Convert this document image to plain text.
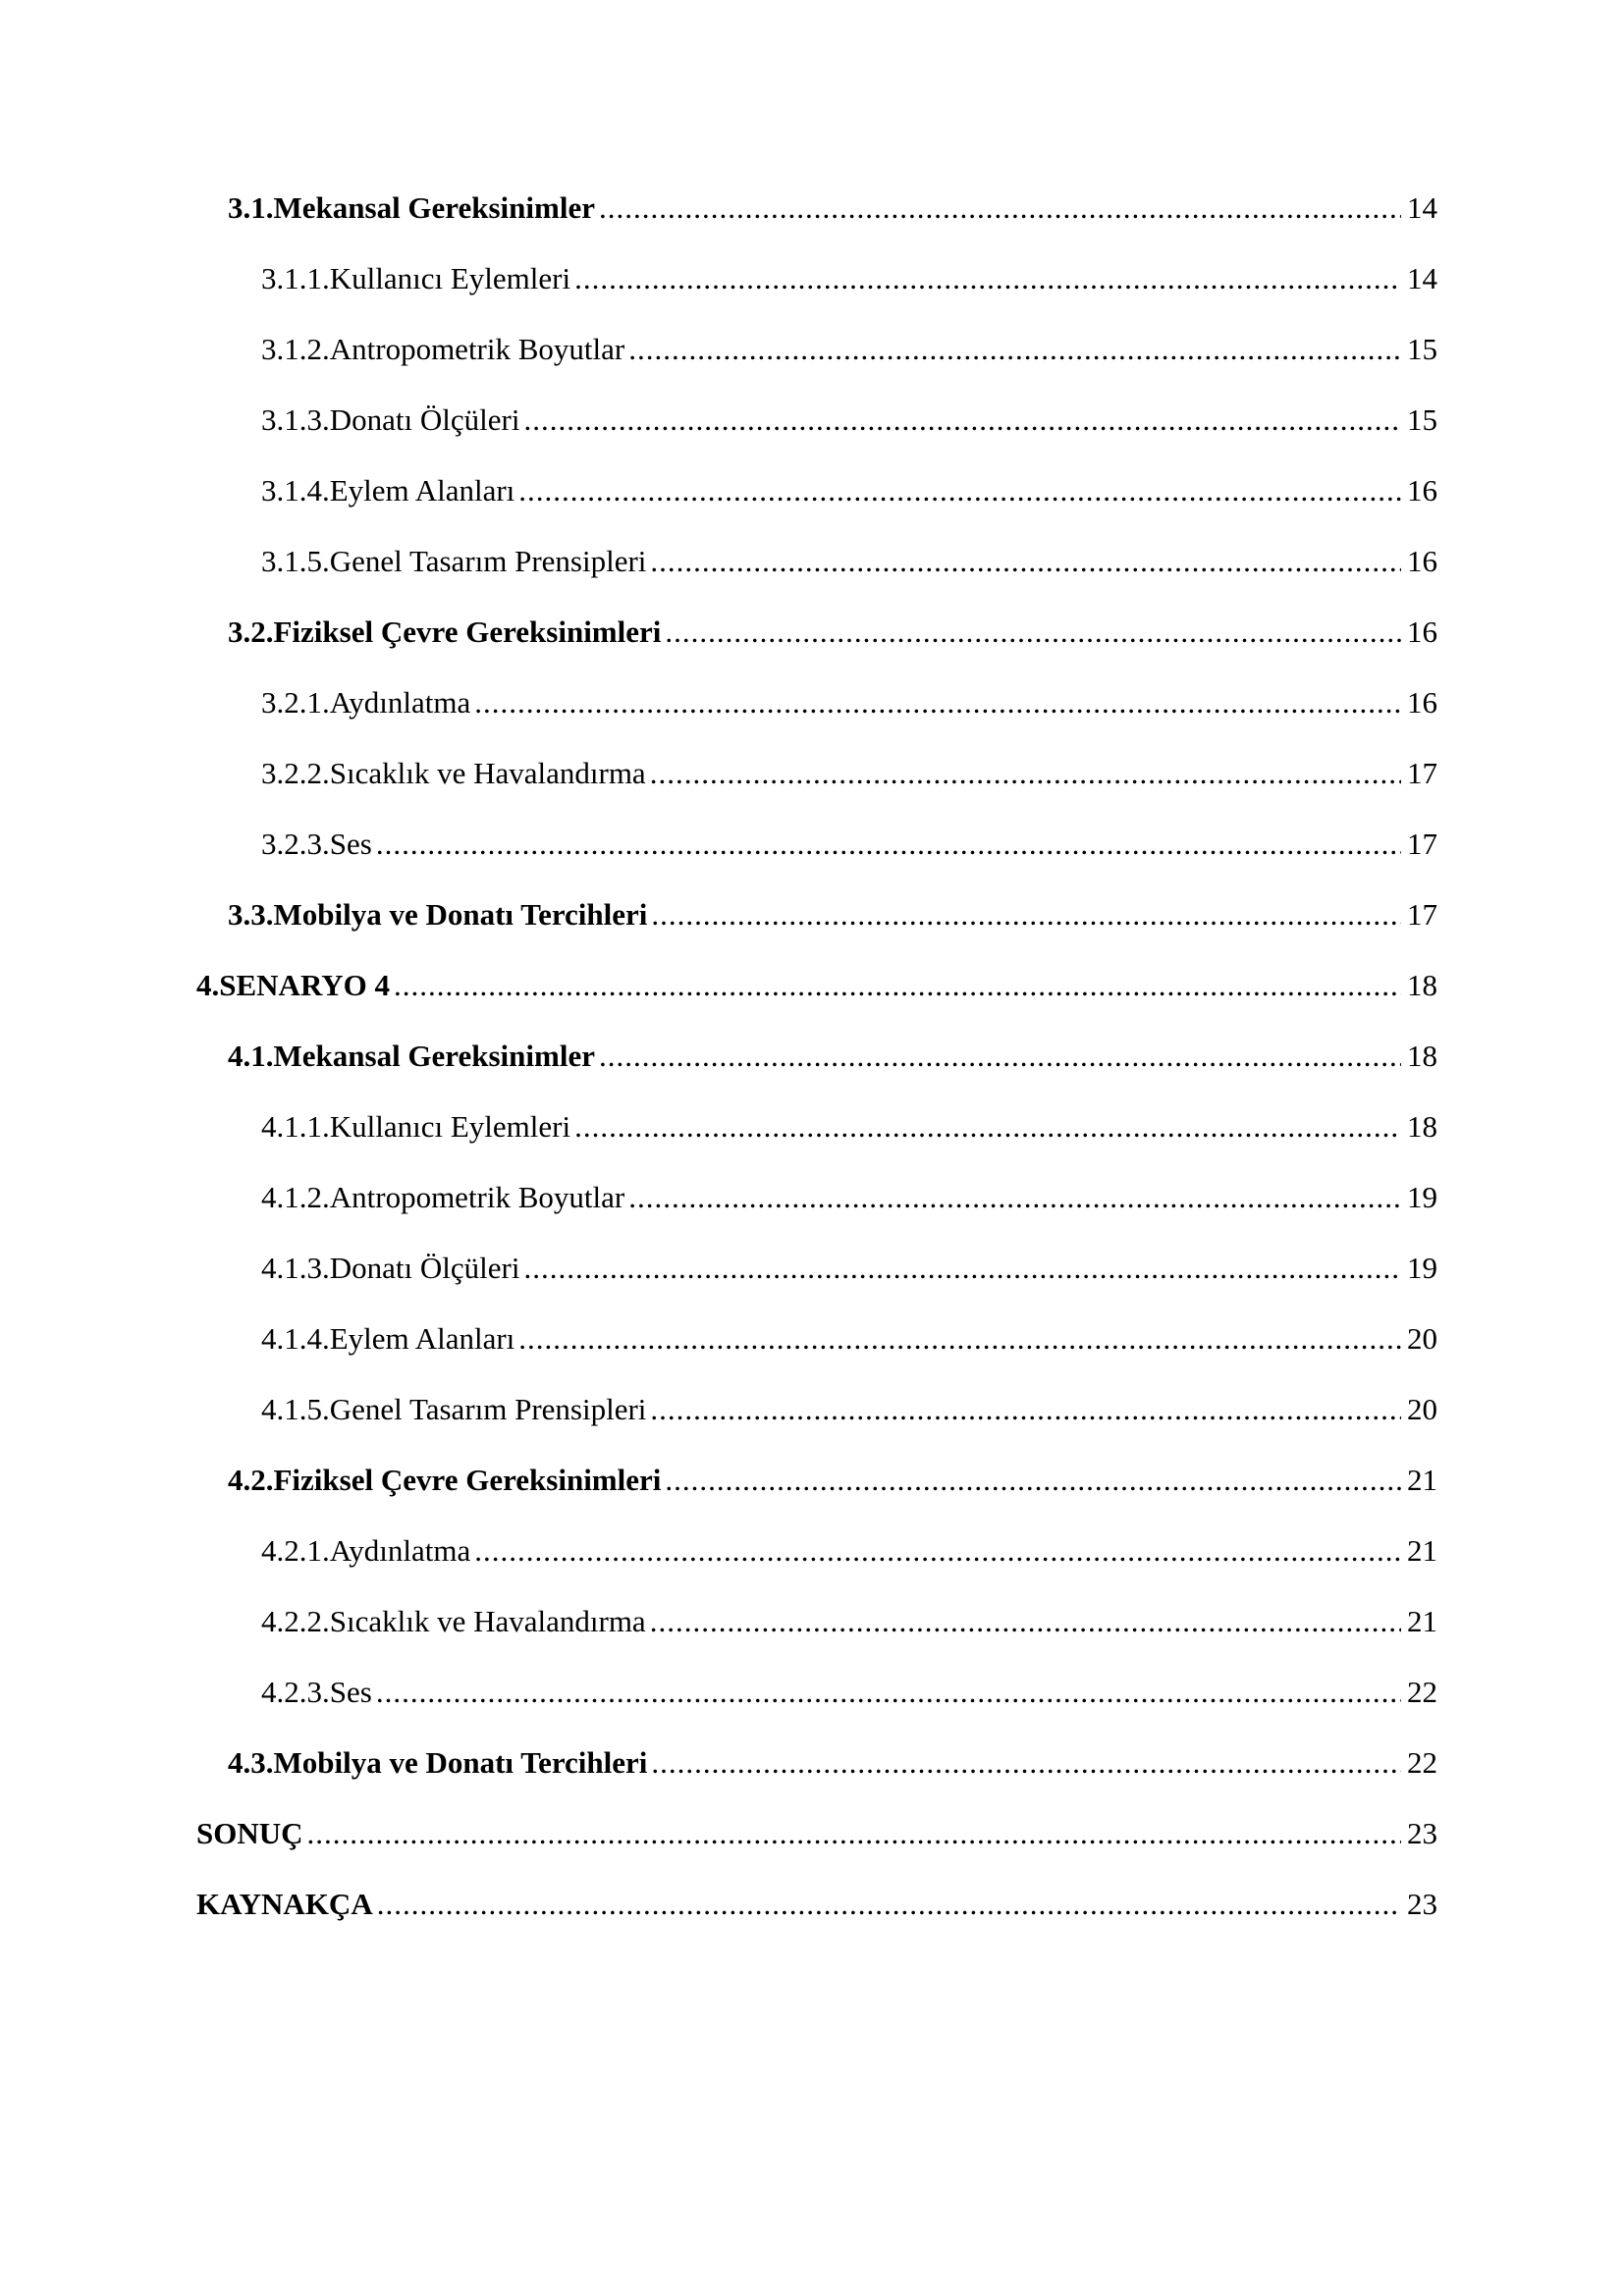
3.1.Mekansal Gereksinimler .....	14
3.1.1.Kullanıcı Eylemleri .....	14
3.1.2.Antropometrik Boyutlar .....	15
3.1.3.Donatı Ölçüleri .....	15
3.1.4.Eylem Alanları .....	16
3.1.5.Genel Tasarım Prensipleri .....	16
3.2.Fiziksel Çevre Gereksinimleri .....	16
3.2.1.Aydınlatma .....	16
3.2.2.Sıcaklık ve Havalandırma .....	17
3.2.3.Ses .....	17
3.3.Mobilya ve Donatı Tercihleri .....	17
4.SENARYO 4 .....	18
4.1.Mekansal Gereksinimler .....	18
4.1.1.Kullanıcı Eylemleri .....	18
4.1.2.Antropometrik Boyutlar .....	19
4.1.3.Donatı Ölçüleri .....	19
4.1.4.Eylem Alanları .....	20
4.1.5.Genel Tasarım Prensipleri .....	20
4.2.Fiziksel Çevre Gereksinimleri .....	21
4.2.1.Aydınlatma .....	21
4.2.2.Sıcaklık ve Havalandırma .....	21
4.2.3.Ses .....	22
4.3.Mobilya ve Donatı Tercihleri .....	22
SONUÇ .....	23
KAYNAKÇA .....	23
